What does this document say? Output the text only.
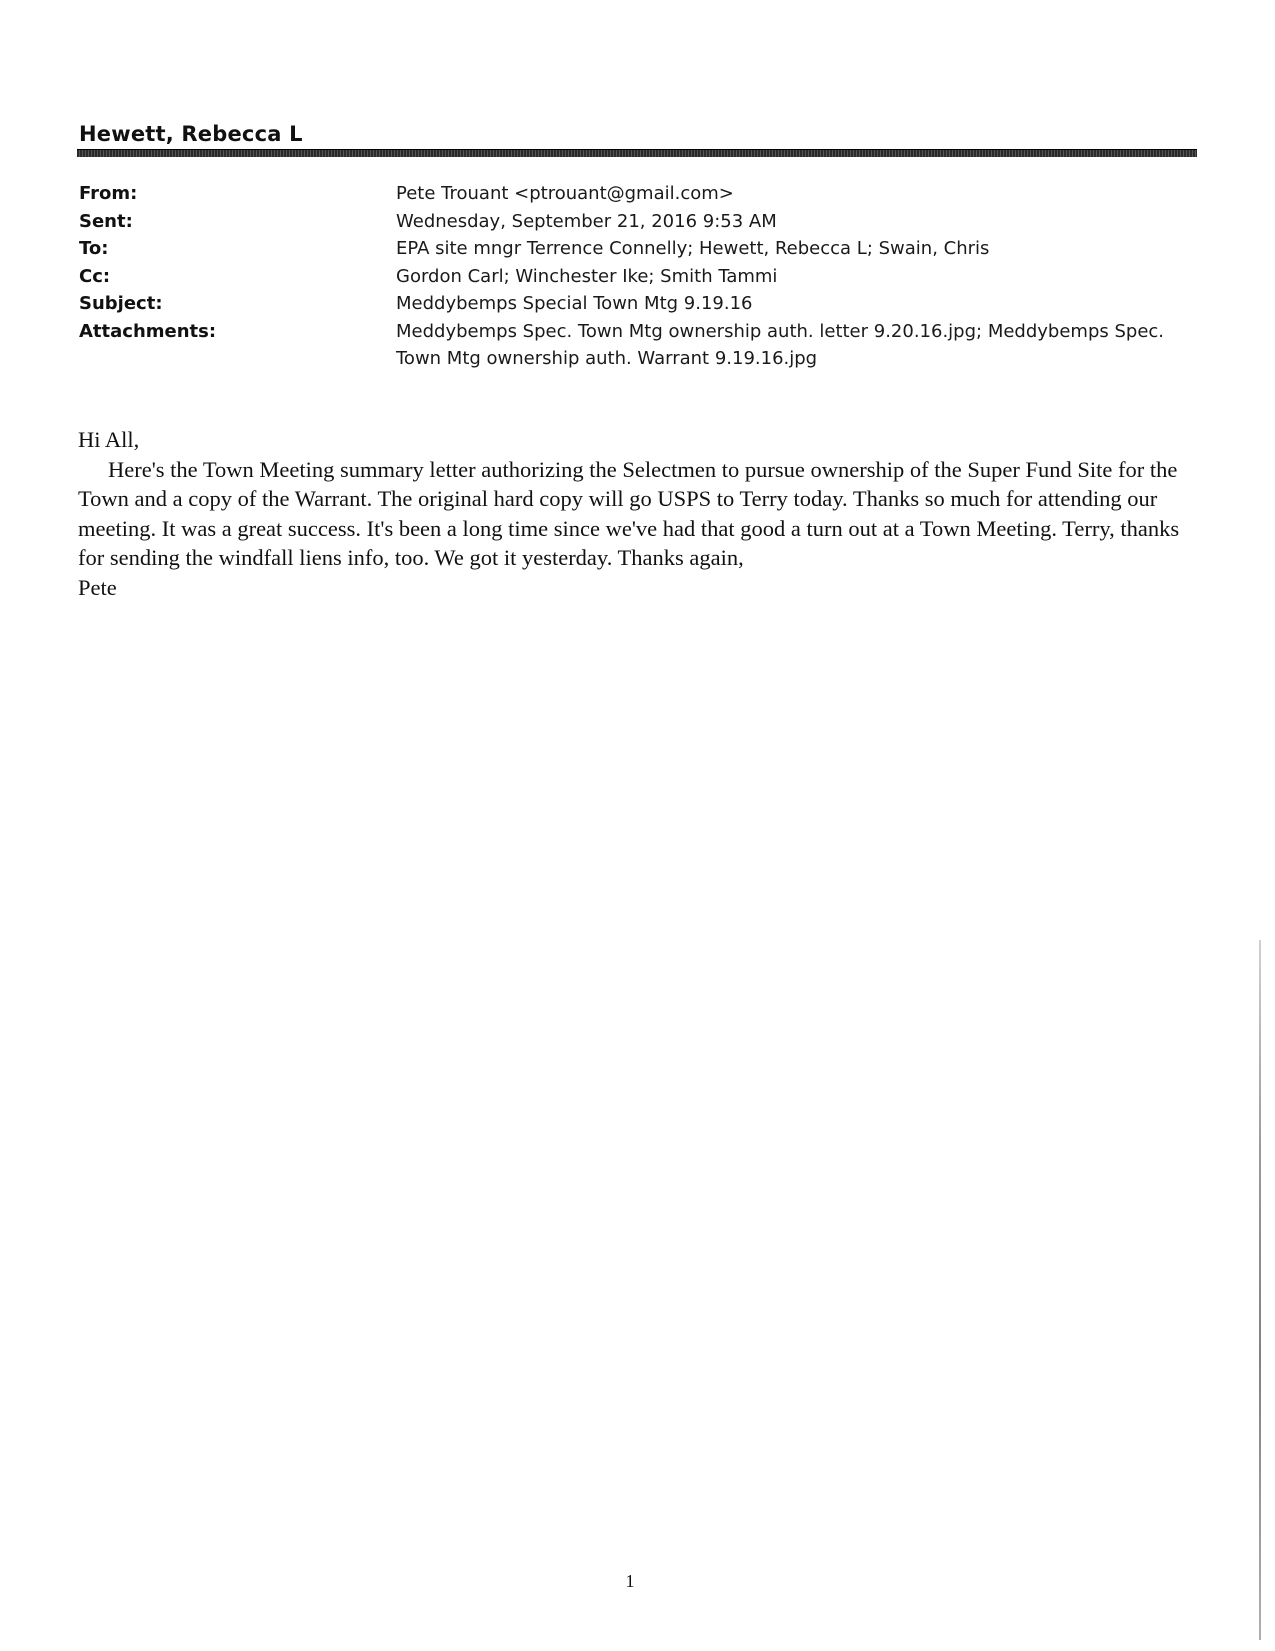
Hewett, Rebecca L
From:	Pete Trouant <ptrouant@gmail.com>
Sent:	Wednesday, September 21, 2016 9:53 AM
To:	EPA site mngr Terrence Connelly; Hewett, Rebecca L; Swain, Chris
Cc:	Gordon Carl; Winchester Ike; Smith Tammi
Subject:	Meddybemps Special Town Mtg 9.19.16
Attachments:	Meddybemps Spec. Town Mtg ownership auth. letter 9.20.16.jpg; Meddybemps Spec. Town Mtg ownership auth. Warrant 9.19.16.jpg
Hi All,
Here's the Town Meeting summary letter authorizing the Selectmen to pursue ownership of the Super Fund Site for the Town and a copy of the Warrant. The original hard copy will go USPS to Terry today. Thanks so much for attending our meeting. It was a great success. It's been a long time since we've had that good a turn out at a Town Meeting. Terry, thanks for sending the windfall liens info, too. We got it yesterday. Thanks again,
Pete
1
